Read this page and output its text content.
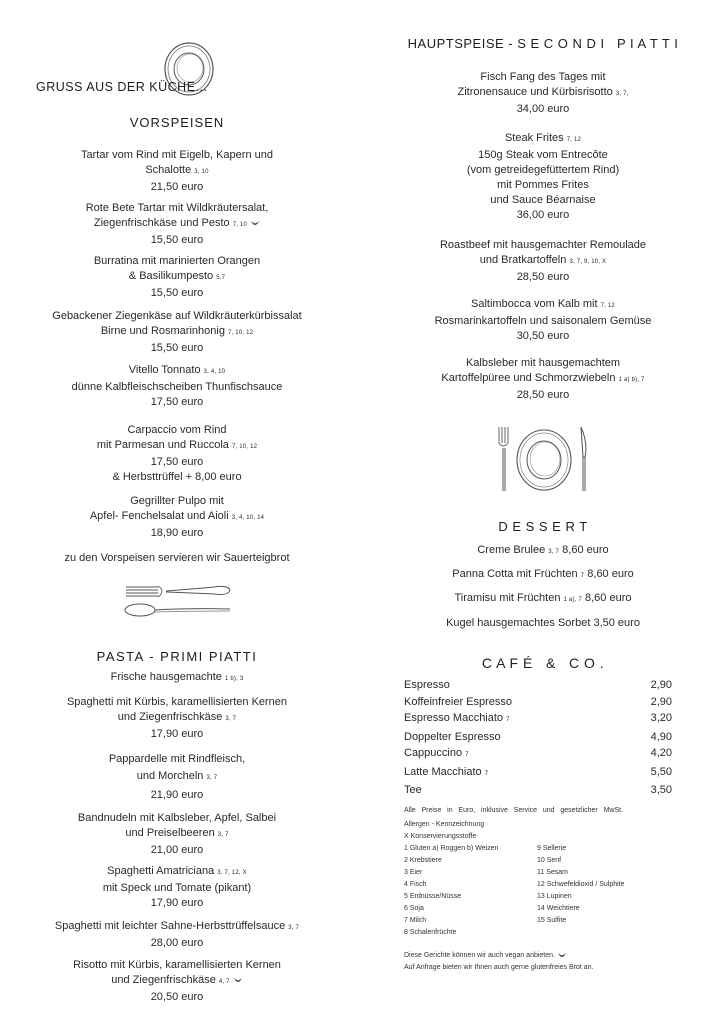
GRUSS AUS DER KÜCHE...
VORSPEISEN
Tartar vom Rind mit Eigelb, Kapern und
Schalotte 3, 10
21,50 euro
Rote Bete Tartar mit Wildkräutersalat,
Ziegenfrischkäse und Pesto 7, 10
15,50 euro
Burratina mit marinierten Orangen
& Basilikumpesto 5,7
15,50 euro
Gebackener Ziegenkäse auf Wildkräuterkürbissalat
Birne und Rosmarinhonig 7, 10, 12
15,50 euro
Vitello Tonnato 3, 4, 10
dünne Kalbfleischscheiben Thunfischsauce
17,50 euro
Carpaccio vom Rind
mit Parmesan und Ruccola 7, 10, 12
17,50 euro
& Herbsttrüffel + 8,00 euro
Gegrillter Pulpo mit
Apfel- Fenchelsalat und Aioli 3, 4, 10, 14
18,90 euro
zu den Vorspeisen servieren wir Sauerteigbrot
PASTA - PRIMI PIATTI
Frische hausgemachte 1 b), 3
Spaghetti mit Kürbis, karamellisierten Kernen
und Ziegenfrischkäse 3, 7
17,90 euro
Pappardelle mit Rindfleisch,
und Morcheln 3, 7
21,90 euro
Bandnudeln mit Kalbsleber, Apfel, Salbei
und Preiselbeeren 3, 7
21,00 euro
Spaghetti Amatriciana 3, 7, 12, X
mit Speck und Tomate (pikant)
17,90 euro
Spaghetti mit leichter Sahne-Herbsttrüffelsauce 3, 7
28,00 euro
Risotto mit Kürbis, karamellisierten Kernen
und Ziegenfrischkäse 4, 7
20,50 euro
HAUPTSPEISE - S E C O N D I   P I A T T I
Fisch Fang des Tages mit
Zitronensauce und Kürbisrisotto 3, 7,
34,00 euro
Steak Frites 7, 12
150g Steak vom Entrecôte
(vom getreidegefüttertem Rind)
mit Pommes Frites
und Sauce Béarnaise
36,00 euro
Roastbeef mit hausgemachter Remoulade
und Bratkartoffeln 3, 7, 9, 10, X
28,50 euro
Saltimbocca vom Kalb mit 7, 12
Rosmarinkartoffeln und saisonalem Gemüse
30,50 euro
Kalbsleber mit hausgemachtem
Kartoffelpüree und Schmorzwiebeln 1 a) b), 7
28,50 euro
D E S S E R T
Creme Brulee 3, 7 8,60 euro
Panna Cotta mit Früchten 7 8,60 euro
Tiramisu mit Früchten 1 a), 7 8,60 euro
Kugel hausgemachtes Sorbet 3,50 euro
C A F É   &   C O .
Espresso	2,90
Koffeinfreier Espresso	2,90
Espresso Macchiato 7	3,20
Doppelter Espresso	4,90
Cappuccino 7	4,20
Latte Macchiato 7	5,50
Tee	3,50
Alle   Preise   in   Euro,   inklusive   Service   und   gesetzlicher   MwSt.
Allergen - Kennzeichnung
X Konservierungsstoffe
1 Gluten a) Roggen b) Weizen
2 Krebstiere
3 Eier
4 Fisch
5 Erdnüsse/Nüsse
6 Soja
7 Milch
8 Schalenfrüchte
9 Sellerie
10 Senf
11 Sesam
12 Schwefeldioxid / Sulphite
13 Lupinen
14 Weichtiere
15 Sulfite
Diese Gerichte können wir auch vegan anbieten.
Auf Anfrage bieten wir Ihnen auch gerne glutenfreies Brot an.
